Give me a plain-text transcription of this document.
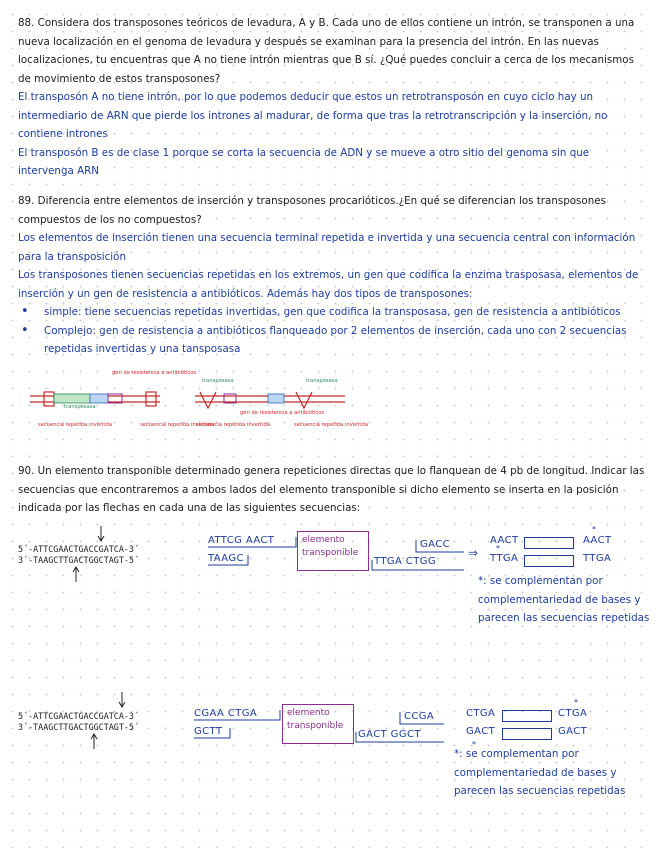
88. Considera dos transposones teóricos de levadura, A y B. Cada uno de ellos contiene un intrón, se transponen a una nueva localización en el genoma de levadura y después se examinan para la presencia del intrón. En las nuevas localizaciones, tu encuentras que A no tiene intrón mientras que B sí. ¿Qué puedes concluir a cerca de los mecanismos de movimiento de estos transposones?

El transposón A no tiene intrón, por lo que podemos deducir que estos un retrotransposón en cuyo ciclo hay un intermediario de ARN que pierde los intrones al madurar, de forma que tras la retrotranscripción y la inserción, no contiene intrones

El transposón B es de clase 1 porque se corta la secuencia de ADN y se mueve a otro sitio del genoma sin que intervenga ARN

89. Diferencia entre elementos de inserción y transposones procarióticos.¿En qué se diferencian los transposones compuestos de los no compuestos?

Los elementos de inserción tienen una secuencia terminal repetida e invertida y una secuencia central con información para la transposición

Los transposones tienen secuencias repetidas en los extremos, un gen que codifica la enzima trasposasa, elementos de inserción y un gen de resistencia a antibióticos. Además hay dos tipos de transposones:

• simple: tiene secuencias repetidas invertidas, gen que codifica la transposasa, gen de resistencia a antibióticos
• Complejo: gen de resistencia a antibióticos flanqueado por 2 elementos de inserción, cada uno con 2 secuencias repetidas invertidas y una tansposasa
gen de resistencia a antibióticos
transposasa
secuencia repetida invertida	secuencia repetida invertida
transposasa	transposasa
gen de resistencia a antibióticos
secuencia repetida invertida	secuencia repetida invertida

90. Un elemento transponible determinado genera repeticiones directas que lo flanquean de 4 pb de longitud. Indicar las secuencias que encontraremos a ambos lados del elemento transponible si dicho elemento se inserta en la posición indicada por las flechas en cada una de las siguientes secuencias:

5´-ATTCGAACTGACCGATCA-3´
3´-TAAGCTTGACTGGCTAGT-5´
ATTCG AACT
TAAGC
elemento
transponible
GACC
TTGA CTGG
⇒
AACT	AACT
*
TTGA	TTGA
*
*: se complementan por complementariedad de bases y parecen las secuencias repetidas
5´-ATTCGAACTGACCGATCA-3´
3´-TAAGCTTGACTGGCTAGT-5´
CGAA CTGA
GCTT
elemento
transponible
CCGA
GACT GGCT
CTGA	CTGA
*
GACT	GACT
*
*: se complementan por complementariedad de bases y parecen las secuencias repetidas
